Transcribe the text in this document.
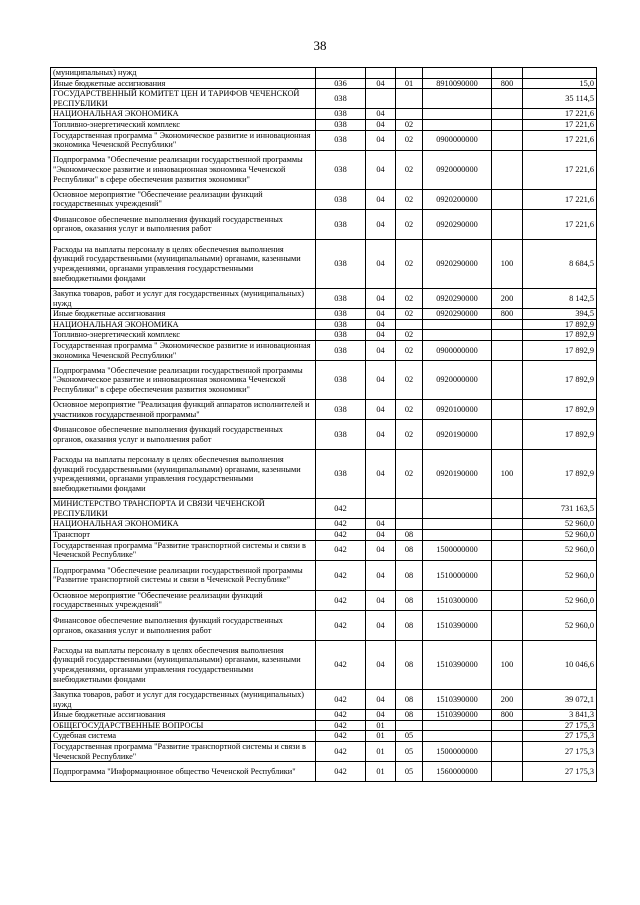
38
(муниципальных) нужд						
Иные бюджетные ассигнования	036	04	01	8910090000	800	15,0
ГОСУДАРСТВЕННЫЙ КОМИТЕТ ЦЕН И ТАРИФОВ ЧЕЧЕНСКОЙ РЕСПУБЛИКИ	038					35 114,5
НАЦИОНАЛЬНАЯ ЭКОНОМИКА	038	04				17 221,6
Топливно-энергетический комплекс	038	04	02			17 221,6
Государственная программа " Экономическое развитие и инновационная экономика Чеченской Республики"	038	04	02	0900000000		17 221,6
Подпрограмма "Обеспечение реализации государственной программы "Экономическое развитие и инновационная экономика Чеченской Республики" в сфере обеспечения развития экономики"	038	04	02	0920000000		17 221,6
Основное мероприятие "Обеспечение реализации функций государственных учреждений"	038	04	02	0920200000		17 221,6
Финансовое обеспечение выполнения функций государственных органов, оказания услуг и выполнения работ	038	04	02	0920290000		17 221,6
Расходы на выплаты персоналу в целях обеспечения выполнения функций государственными (муниципальными) органами, казенными учреждениями, органами управления государственными внебюджетными фондами	038	04	02	0920290000	100	8 684,5
Закупка товаров, работ и услуг для государственных (муниципальных) нужд	038	04	02	0920290000	200	8 142,5
Иные бюджетные ассигнования	038	04	02	0920290000	800	394,5
НАЦИОНАЛЬНАЯ ЭКОНОМИКА	038	04				17 892,9
Топливно-энергетический комплекс	038	04	02			17 892,9
Государственная программа " Экономическое развитие и инновационная экономика Чеченской Республики"	038	04	02	0900000000		17 892,9
Подпрограмма "Обеспечение реализации государственной программы "Экономическое развитие и инновационная экономика Чеченской Республики" в сфере обеспечения развития экономики"	038	04	02	0920000000		17 892,9
Основное мероприятие "Реализация функций аппаратов исполнителей и участников государственной программы"	038	04	02	0920100000		17 892,9
Финансовое обеспечение выполнения функций государственных органов, оказания услуг и выполнения работ	038	04	02	0920190000		17 892,9
Расходы на выплаты персоналу в целях обеспечения выполнения функций государственными (муниципальными) органами, казенными учреждениями, органами управления государственными внебюджетными фондами	038	04	02	0920190000	100	17 892,9
МИНИСТЕРСТВО ТРАНСПОРТА И СВЯЗИ ЧЕЧЕНСКОЙ РЕСПУБЛИКИ	042					731 163,5
НАЦИОНАЛЬНАЯ ЭКОНОМИКА	042	04				52 960,0
Транспорт	042	04	08			52 960,0
Государственная программа "Развитие транспортной системы и связи в Чеченской Республике"	042	04	08	1500000000		52 960,0
Подпрограмма "Обеспечение реализации государственной программы "Развитие транспортной системы и связи в Чеченской Республике"	042	04	08	1510000000		52 960,0
Основное мероприятие "Обеспечение реализации функций государственных учреждений"	042	04	08	1510300000		52 960,0
Финансовое обеспечение выполнения функций государственных органов, оказания услуг и выполнения работ	042	04	08	1510390000		52 960,0
Расходы на выплаты персоналу в целях обеспечения выполнения функций государственными (муниципальными) органами, казенными учреждениями, органами управления государственными внебюджетными фондами	042	04	08	1510390000	100	10 046,6
Закупка товаров, работ и услуг для государственных (муниципальных) нужд	042	04	08	1510390000	200	39 072,1
Иные бюджетные ассигнования	042	04	08	1510390000	800	3 841,3
ОБЩЕГОСУДАРСТВЕННЫЕ ВОПРОСЫ	042	01				27 175,3
Судебная система	042	01	05			27 175,3
Государственная программа "Развитие транспортной системы и связи в Чеченской Республике"	042	01	05	1500000000		27 175,3
Подпрограмма "Информационное общество Чеченской Республики"	042	01	05	1560000000		27 175,3
